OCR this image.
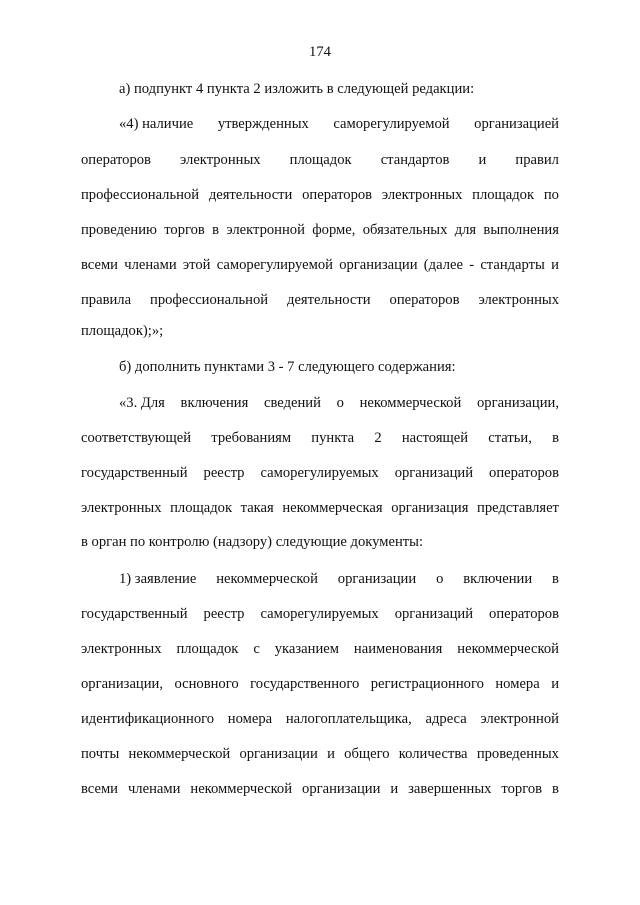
174
а) подпункт 4 пункта 2 изложить в следующей редакции:
«4) наличие утвержденных саморегулируемой организацией
операторов электронных площадок стандартов и правил
профессиональной деятельности операторов электронных площадок по
проведению торгов в электронной форме, обязательных для выполнения
всеми членами этой саморегулируемой организации (далее - стандарты и
правила профессиональной деятельности операторов электронных
площадок);»;
б) дополнить пунктами 3 - 7 следующего содержания:
«3. Для включения сведений о некоммерческой организации,
соответствующей требованиям пункта 2 настоящей статьи, в
государственный реестр саморегулируемых организаций операторов
электронных площадок такая некоммерческая организация представляет
в орган по контролю (надзору) следующие документы:
1) заявление некоммерческой организации о включении в
государственный реестр саморегулируемых организаций операторов
электронных площадок с указанием наименования некоммерческой
организации, основного государственного регистрационного номера и
идентификационного номера налогоплательщика, адреса электронной
почты некоммерческой организации и общего количества проведенных
всеми членами некоммерческой организации и завершенных торгов в
